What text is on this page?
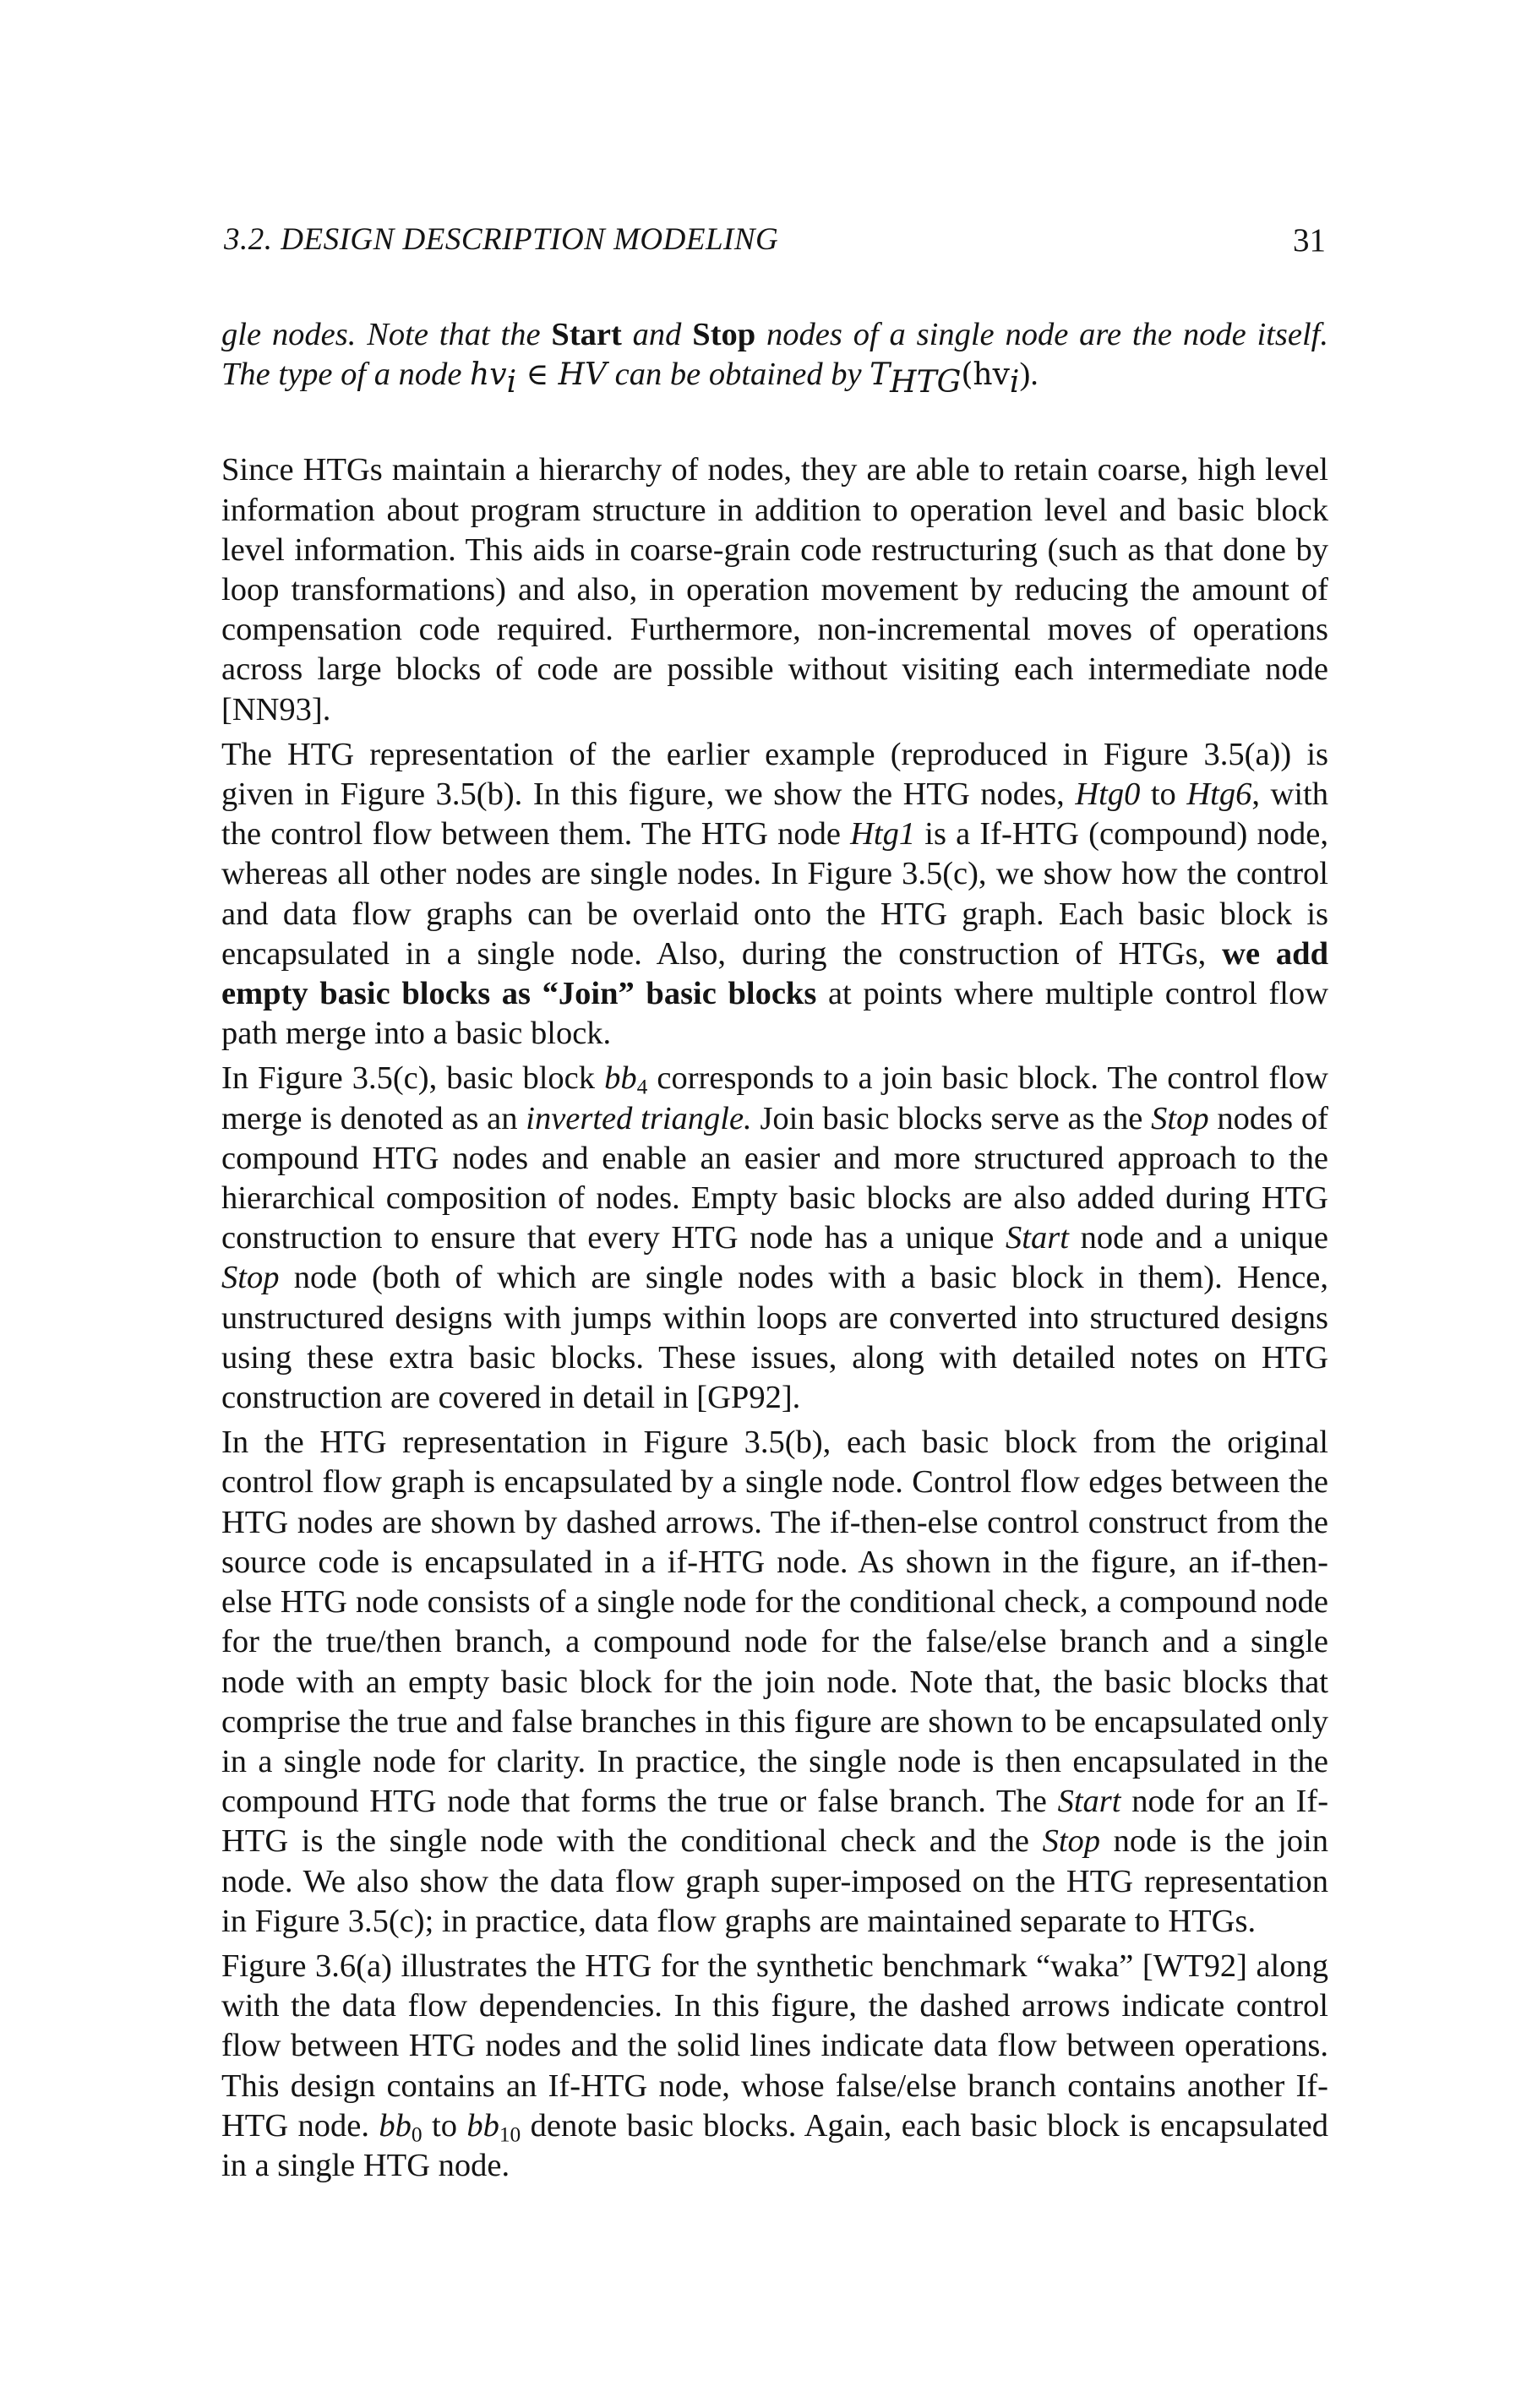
3.2. DESIGN DESCRIPTION MODELING	31

gle nodes. Note that the Start and Stop nodes of a single node are the node itself. The type of a node $hv_i$ ∈ HV can be obtained by $T_{HTG}(hv_i)$.

Since HTGs maintain a hierarchy of nodes, they are able to retain coarse, high level information about program structure in addition to operation level and basic block level information. This aids in coarse-grain code restructuring (such as that done by loop transformations) and also, in operation movement by reducing the amount of compensation code required. Furthermore, non-incremental moves of operations across large blocks of code are possible without visiting each intermediate node [NN93].

The HTG representation of the earlier example (reproduced in Figure 3.5(a)) is given in Figure 3.5(b). In this figure, we show the HTG nodes, Htg0 to Htg6, with the control flow between them. The HTG node Htg1 is a If-HTG (compound) node, whereas all other nodes are single nodes. In Figure 3.5(c), we show how the control and data flow graphs can be overlaid onto the HTG graph. Each basic block is encapsulated in a single node. Also, during the construction of HTGs, we add empty basic blocks as “Join” basic blocks at points where multiple control flow path merge into a basic block.

In Figure 3.5(c), basic block $bb_4$ corresponds to a join basic block. The control flow merge is denoted as an inverted triangle. Join basic blocks serve as the Stop nodes of compound HTG nodes and enable an easier and more structured approach to the hierarchical composition of nodes. Empty basic blocks are also added during HTG construction to ensure that every HTG node has a unique Start node and a unique Stop node (both of which are single nodes with a basic block in them). Hence, unstructured designs with jumps within loops are converted into structured designs using these extra basic blocks. These issues, along with detailed notes on HTG construction are covered in detail in [GP92].

In the HTG representation in Figure 3.5(b), each basic block from the original control flow graph is encapsulated by a single node. Control flow edges between the HTG nodes are shown by dashed arrows. The if-then-else control construct from the source code is encapsulated in a if-HTG node. As shown in the figure, an if-then-else HTG node consists of a single node for the conditional check, a compound node for the true/then branch, a compound node for the false/else branch and a single node with an empty basic block for the join node. Note that, the basic blocks that comprise the true and false branches in this figure are shown to be encapsulated only in a single node for clarity. In practice, the single node is then encapsulated in the compound HTG node that forms the true or false branch. The Start node for an If-HTG is the single node with the conditional check and the Stop node is the join node. We also show the data flow graph super-imposed on the HTG representation in Figure 3.5(c); in practice, data flow graphs are maintained separate to HTGs.

Figure 3.6(a) illustrates the HTG for the synthetic benchmark “waka” [WT92] along with the data flow dependencies. In this figure, the dashed arrows indicate control flow between HTG nodes and the solid lines indicate data flow between operations. This design contains an If-HTG node, whose false/else branch contains another If-HTG node. $bb_0$ to $bb_{10}$ denote basic blocks. Again, each basic block is encapsulated in a single HTG node.
